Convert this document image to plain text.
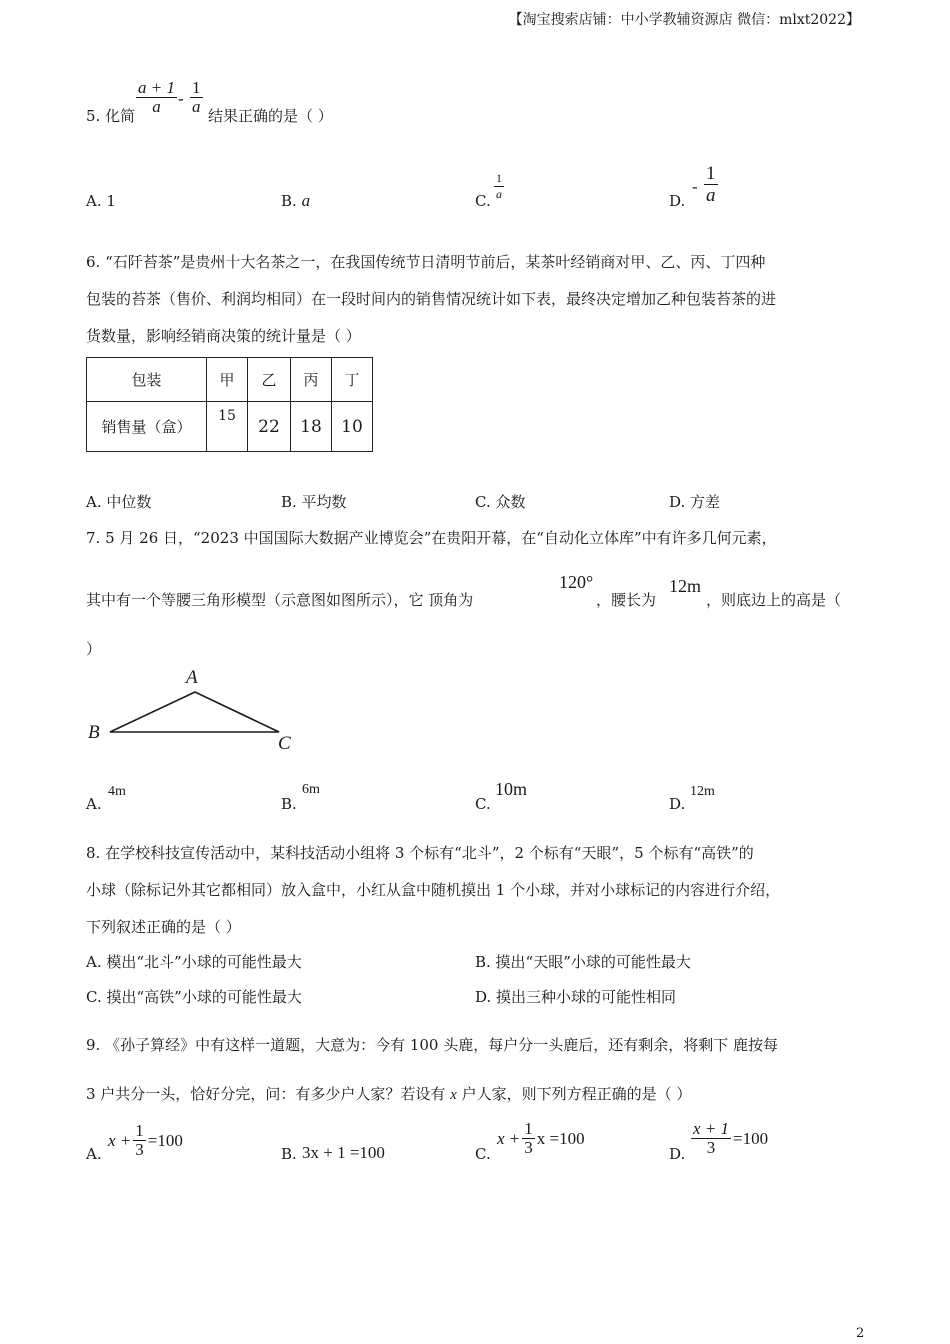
【淘宝搜索店铺：中小学教辅资源店 微信：mlxt2022】
5. 化简 $\frac{a + 1}{a} - \frac{1}{a}$ 结果正确的是（ ）
A. 1	B. a	C. $\frac{1}{a}$	D.
- $\frac{1}{a}$
6. “石阡苔茶”是贵州十大名茶之一，在我国传统节日清明节前后，某茶叶经销商对甲、乙、丙、丁四种
包装的苔茶（售价、利润均相同）在一段时间内的销售情况统计如下表，最终决定增加乙种包装苔茶的进
货数量，影响经销商决策的统计量是（ ）
包装	甲	乙	丙	丁
销售量（盒）	15	22	18	10
A. 中位数	B. 平均数	C. 众数	D. 方差
7. 5 月 26 日，“2023 中国国际大数据产业博览会”在贵阳开幕，在“自动化立体库”中有许多几何元素，
其中有一个等腰三角形模型（示意图如图所示），它 顶角为
120°
，腰长为
12m
，则底边上的高是（
）
A
B
C
A.
4m
B.
6m
C.
10m
D.
12m
8. 在学校科技宣传活动中，某科技活动小组将 3 个标有“北斗”，2 个标有“天眼”，5 个标有“高铁”的
小球（除标记外其它都相同）放入盒中，小红从盒中随机摸出 1 个小球，并对小球标记的内容进行介绍，
下列叙述正确的是（ ）
A. 模出“北斗”小球的可能性最大	B. 摸出“天眼”小球的可能性最大
C. 摸出“高铁”小球的可能性最大	D. 摸出三种小球的可能性相同
9. 《孙子算经》中有这样一道题，大意为：今有 100 头鹿，每户分一头鹿后，还有剩余，将剩下 鹿按每
3 户共分一头，恰好分完，问：有多少户人家？若设有 x 户人家，则下列方程正确的是（ ）
A.
$x + \frac{1}{3} =100$
B. 3x + 1 =100	C.
$x + \frac{1}{3}$ x =100
D. $\frac{x + 1}{3} =100$
2
